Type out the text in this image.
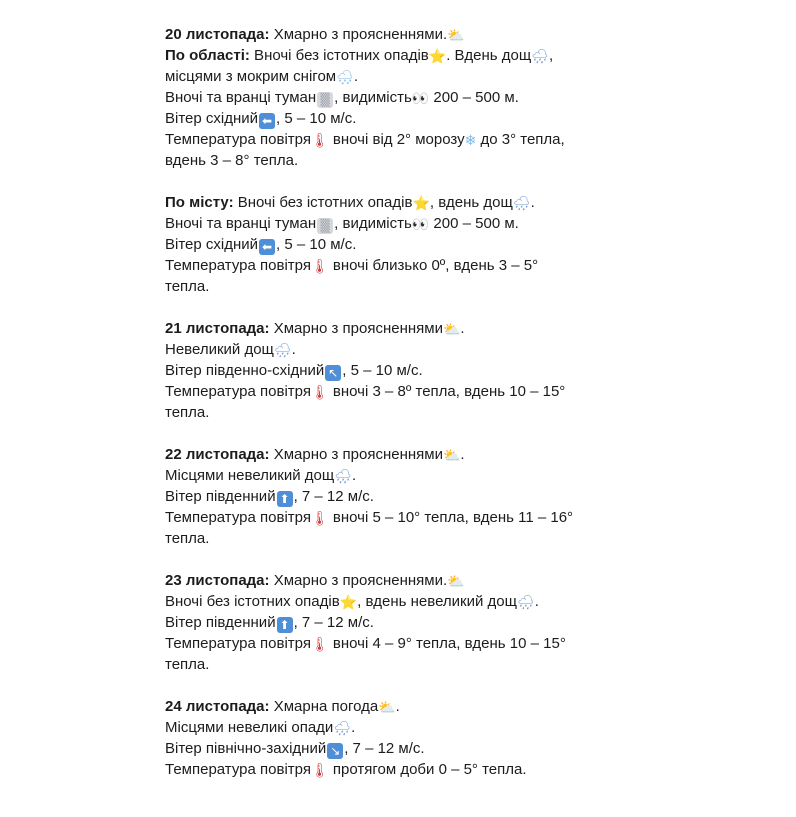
20 листопада: Хмарно з проясненнями.⛅
По області: Вночі без істотних опадів⭐. Вдень дощ🌧,
місцями з мокрим снігом🌨.
Вночі та вранці туман ▒ , видимість👀 200 – 500 м.
Вітер східний ⬅ , 5 – 10 м/с.
Температура повітря🌡 вночі від 2° морозу❄ до 3° тепла,
вдень 3 – 8° тепла.
По місту: Вночі без істотних опадів⭐, вдень дощ🌧.
Вночі та вранці туман ▒ , видимість👀 200 – 500 м.
Вітер східний ⬅ , 5 – 10 м/с.
Температура повітря🌡 вночі близько 0º, вдень 3 – 5°
тепла.
21 листопада: Хмарно з проясненнями⛅.
Невеликий дощ🌧.
Вітер південно-східний ↖ , 5 – 10 м/с.
Температура повітря🌡 вночі 3 – 8º тепла, вдень 10 – 15°
тепла.
22 листопада: Хмарно з проясненнями⛅.
Місцями невеликий дощ🌧.
Вітер південний ⬆ , 7 – 12 м/с.
Температура повітря🌡 вночі 5 – 10° тепла, вдень 11 – 16°
тепла.
23 листопада: Хмарно з проясненнями.⛅
Вночі без істотних опадів⭐, вдень невеликий дощ🌧.
Вітер південний ⬆ , 7 – 12 м/с.
Температура повітря🌡 вночі 4 – 9° тепла, вдень 10 – 15°
тепла.
24 листопада: Хмарна погода⛅.
Місцями невеликі опади🌧.
Вітер північно-західний ↘ , 7 – 12 м/с.
Температура повітря🌡 протягом доби 0 – 5° тепла.
